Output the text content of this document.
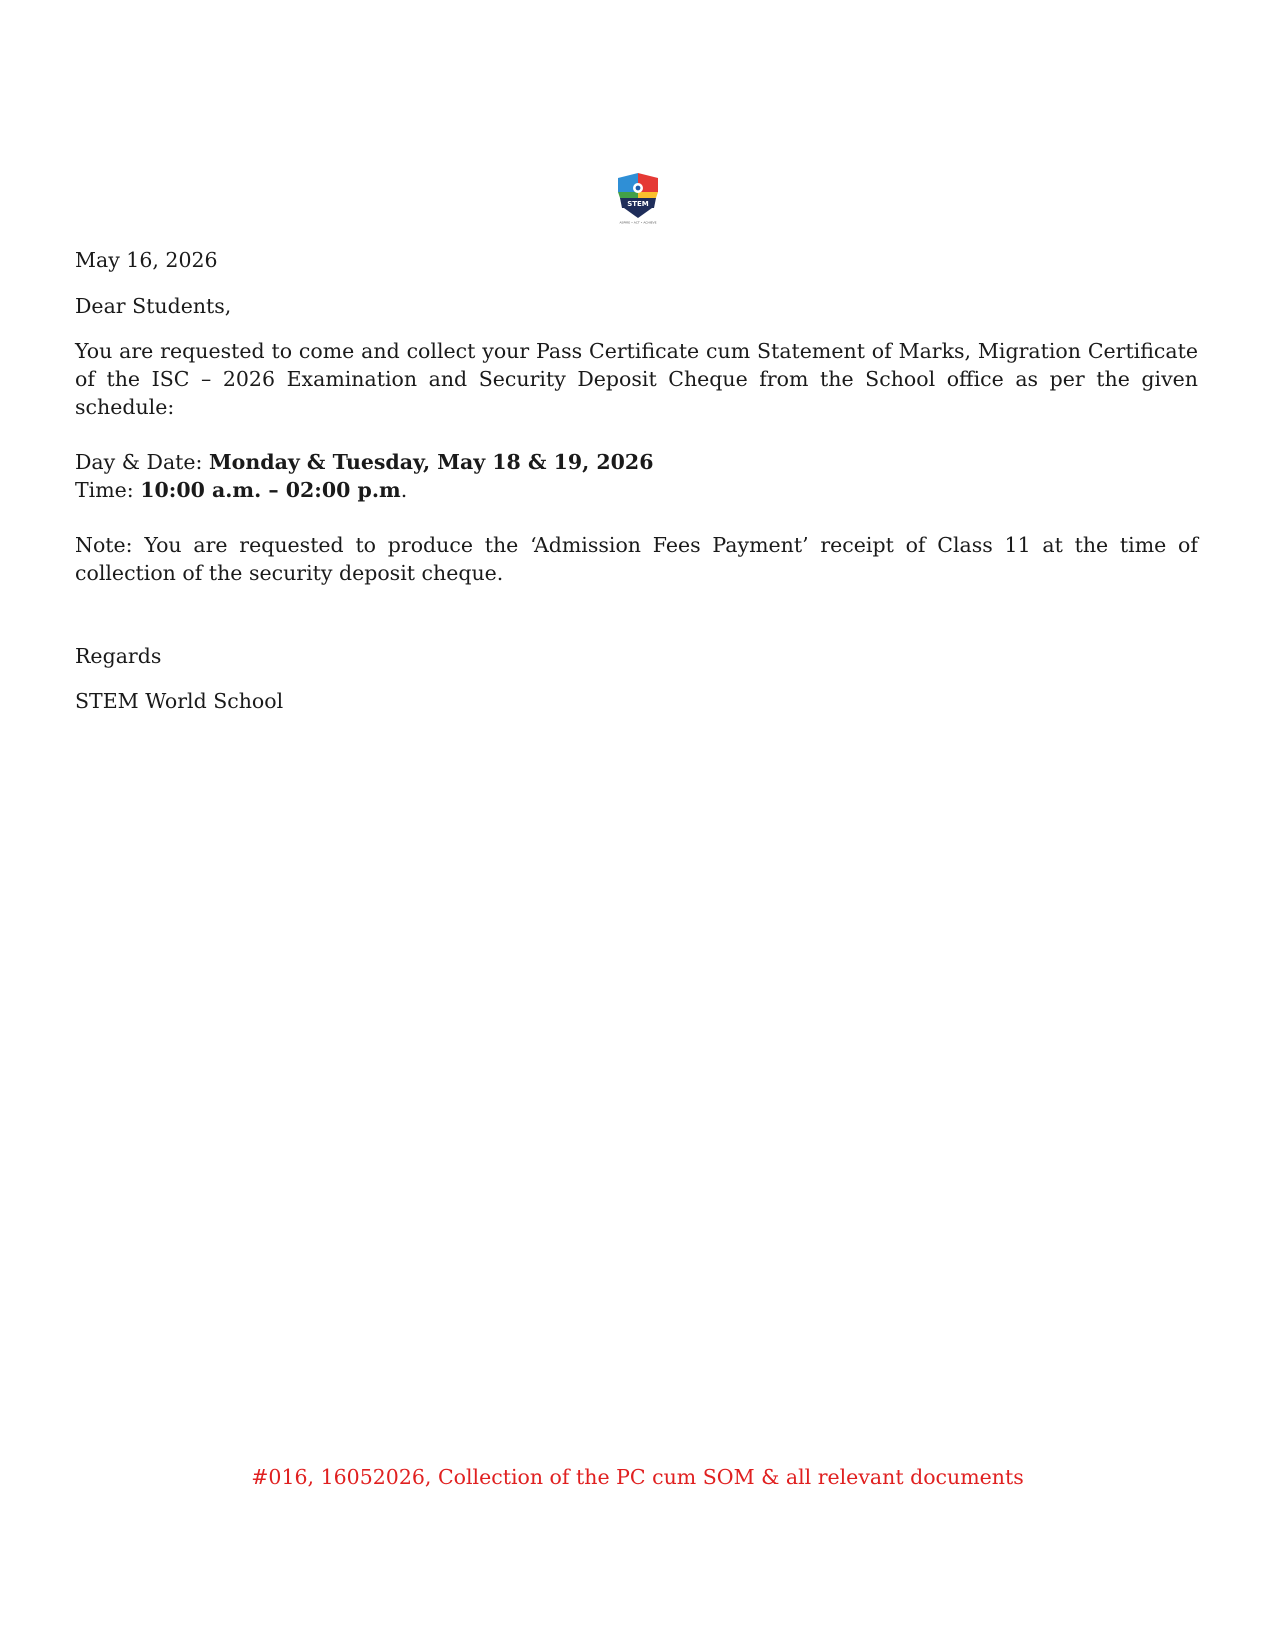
STEM
ASPIRE • ACT • ACHIEVE

May 16, 2026

Dear Students,

You are requested to come and collect your Pass Certificate cum Statement of Marks, Migration Certificate of the ISC – 2026 Examination and Security Deposit Cheque from the School office as per the given schedule:

Day & Date: Monday & Tuesday, May 18 & 19, 2026

Time: 10:00 a.m. – 02:00 p.m.

Note: You are requested to produce the ‘Admission Fees Payment’ receipt of Class 11 at the time of collection of the security deposit cheque.

Regards

STEM World School

#016, 16052026, Collection of the PC cum SOM & all relevant documents
